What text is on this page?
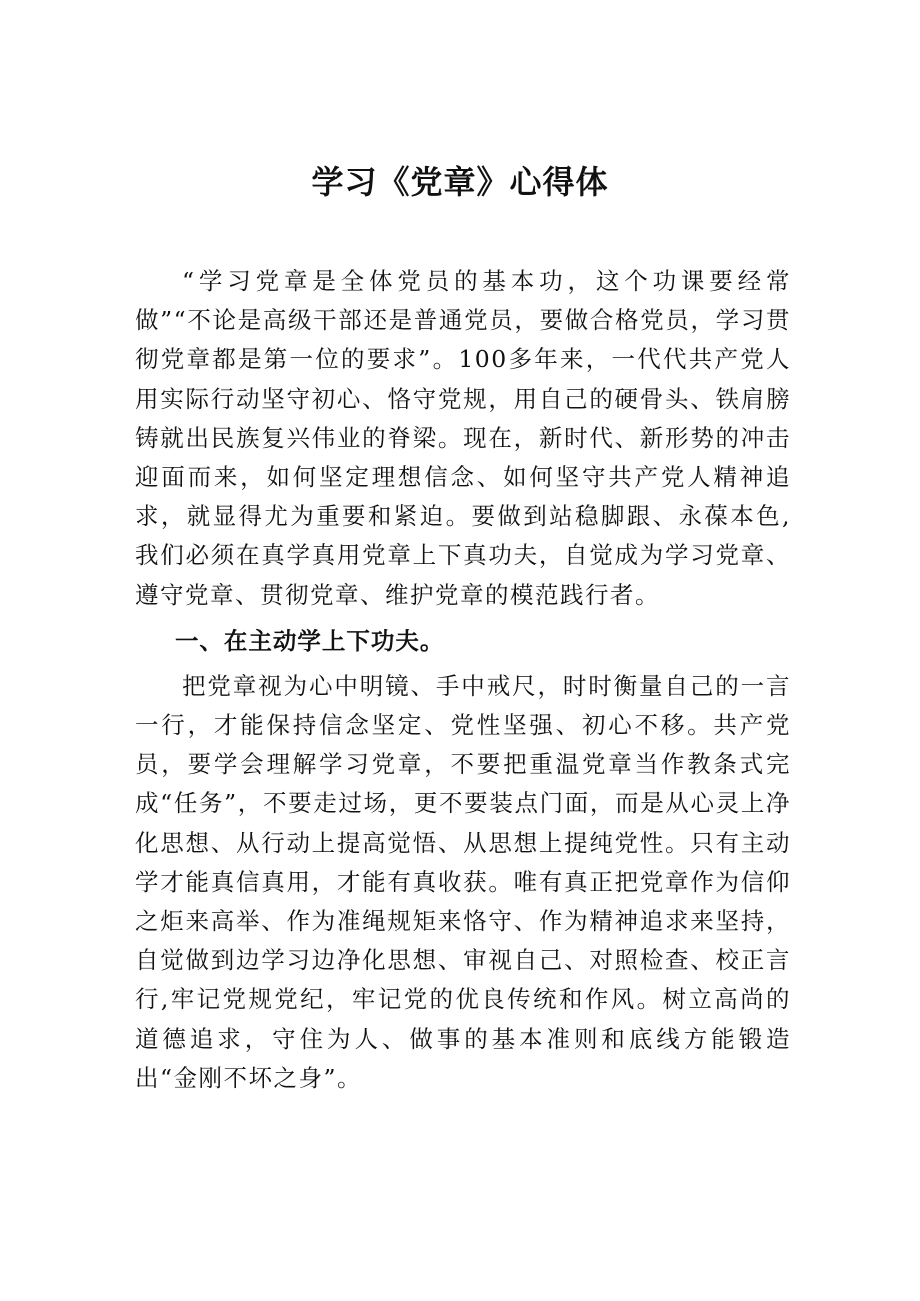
学习《党章》心得体

“学习党章是全体党员的基本功，这个功课要经常做”“不论是高级干部还是普通党员，要做合格党员，学习贯彻党章都是第一位的要求”。100多年来，一代代共产党人用实际行动坚守初心、恪守党规，用自己的硬骨头、铁肩膀铸就出民族复兴伟业的脊梁。现在，新时代、新形势的冲击迎面而来，如何坚定理想信念、如何坚守共产党人精神追求，就显得尤为重要和紧迫。要做到站稳脚跟、永葆本色,我们必须在真学真用党章上下真功夫，自觉成为学习党章、遵守党章、贯彻党章、维护党章的模范践行者。

一、在主动学上下功夫。

把党章视为心中明镜、手中戒尺，时时衡量自己的一言一行，才能保持信念坚定、党性坚强、初心不移。共产党员，要学会理解学习党章，不要把重温党章当作教条式完成“任务”，不要走过场，更不要装点门面，而是从心灵上净化思想、从行动上提高觉悟、从思想上提纯党性。只有主动学才能真信真用，才能有真收获。唯有真正把党章作为信仰之炬来高举、作为准绳规矩来恪守、作为精神追求来坚持，自觉做到边学习边净化思想、审视自己、对照检查、校正言行,牢记党规党纪，牢记党的优良传统和作风。树立高尚的道德追求，守住为人、做事的基本准则和底线方能锻造出“金刚不坏之身”。
